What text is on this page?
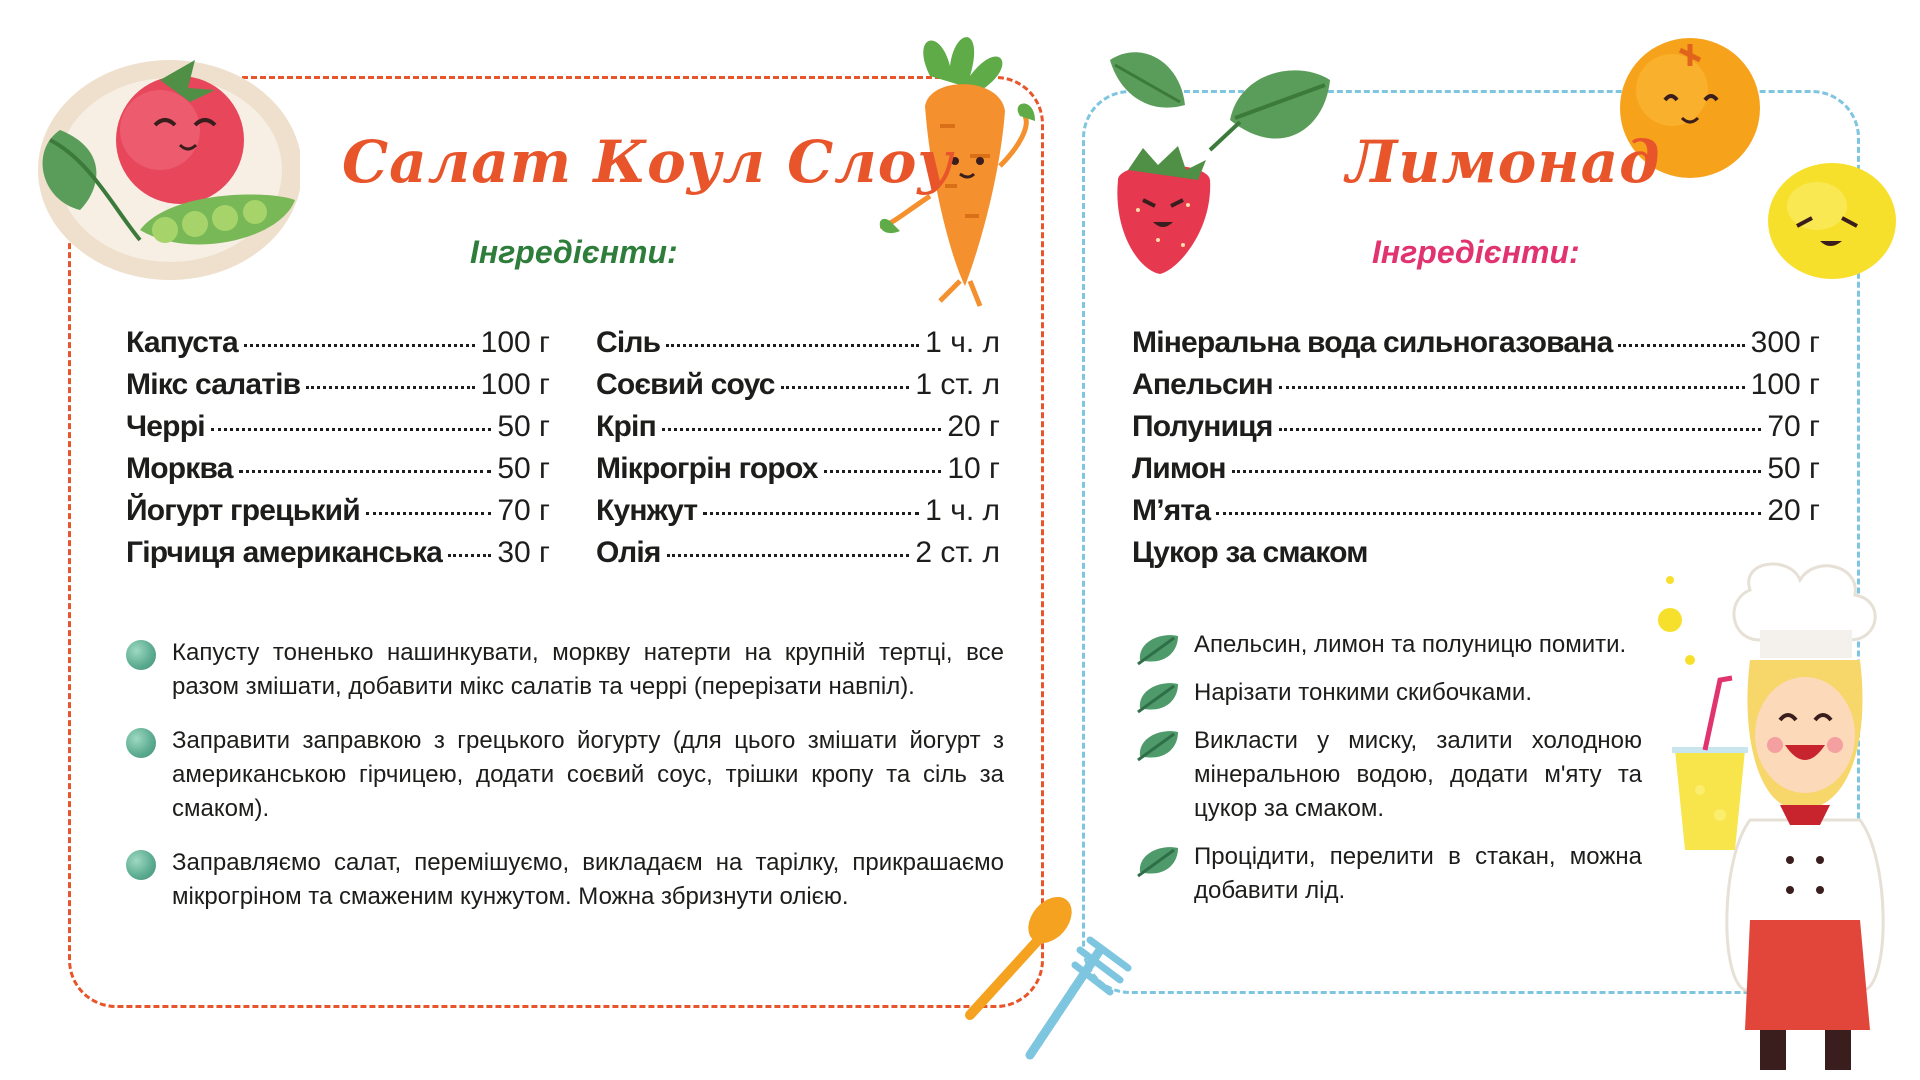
Салат Коул Слоу
Інгредієнти:
Капуста	100 г
Мікс салатів	100 г
Черрі	50 г
Морква	50 г
Йогурт грецький	70 г
Гірчиця американська 30 г
Сіль	1 ч. л
Соєвий соус	1 ст. л
Кріп	20 г
Мікрогрін горох	10 г
Кунжут	1 ч. л
Олія	2 ст. л
Капусту тоненько нашинкувати, моркву натерти на крупній тертці, все разом змішати, добавити мікс салатів та черрі (перерізати навпіл).
Заправити заправкою з грецького йогурту (для цього змішати йогурт з американською гірчицею, додати соєвий соус, трішки кропу та сіль за смаком).
Заправляємо салат, перемішуємо, викладаєм на тарілку, прикрашаємо мікрогріном та смаженим кунжутом. Можна збризнути олією.
Лимонад
Інгредієнти:
Мінеральна вода сильногазована	300 г
Апельсин	100 г
Полуниця	70 г
Лимон	50 г
М’ята	20 г
Цукор за смаком
Апельсин, лимон та полуницю помити.
Нарізати тонкими скибочками.
Викласти у миску, залити холодною мінеральною водою, додати м'яту та цукор за смаком.
Процідити, перелити в стакан, можна добавити лід.
